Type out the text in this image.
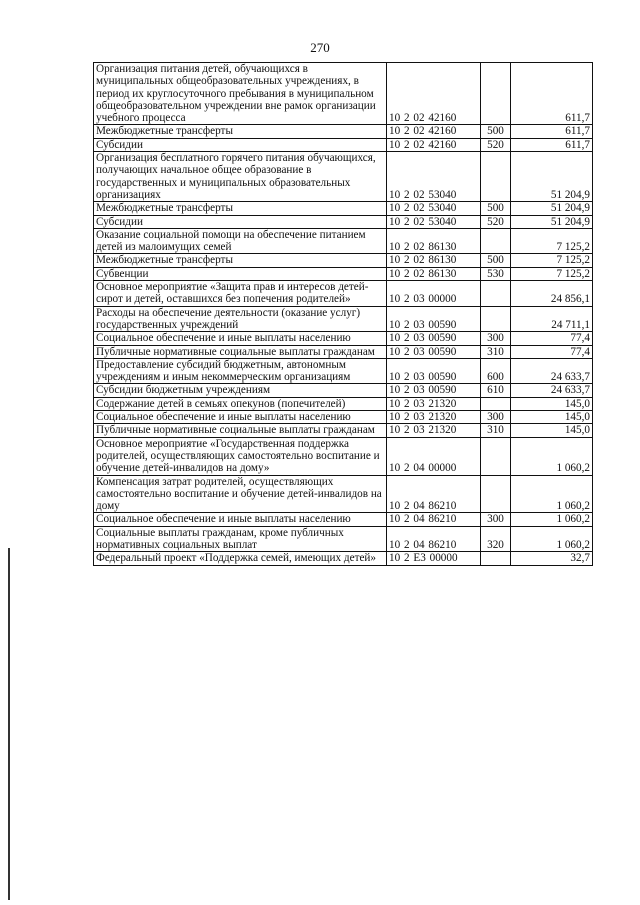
270
Организация питания детей, обучающихся в муниципальных общеобразовательных учреждениях, в период их круглосуточного пребывания в муниципальном общеобразовательном учреждении вне рамок организации учебного процесса	10 2 02 42160		611,7
Межбюджетные трансферты	10 2 02 42160	500	611,7
Субсидии	10 2 02 42160	520	611,7
Организация бесплатного горячего питания обучающихся, получающих начальное общее образование в государственных и муниципальных образовательных организациях	10 2 02 53040		51 204,9
Межбюджетные трансферты	10 2 02 53040	500	51 204,9
Субсидии	10 2 02 53040	520	51 204,9
Оказание социальной помощи на обеспечение питанием детей из малоимущих семей	10 2 02 86130		7 125,2
Межбюджетные трансферты	10 2 02 86130	500	7 125,2
Субвенции	10 2 02 86130	530	7 125,2
Основное мероприятие «Защита прав и интересов детей-сирот и детей, оставшихся без попечения родителей»	10 2 03 00000		24 856,1
Расходы на обеспечение деятельности (оказание услуг) государственных учреждений	10 2 03 00590		24 711,1
Социальное обеспечение и иные выплаты населению	10 2 03 00590	300	77,4
Публичные нормативные социальные выплаты гражданам	10 2 03 00590	310	77,4
Предоставление субсидий бюджетным, автономным учреждениям и иным некоммерческим организациям	10 2 03 00590	600	24 633,7
Субсидии бюджетным учреждениям	10 2 03 00590	610	24 633,7
Содержание детей в семьях опекунов (попечителей)	10 2 03 21320		145,0
Социальное обеспечение и иные выплаты населению	10 2 03 21320	300	145,0
Публичные нормативные социальные выплаты гражданам	10 2 03 21320	310	145,0
Основное мероприятие «Государственная поддержка родителей, осуществляющих самостоятельно воспитание и обучение детей-инвалидов на дому»	10 2 04 00000		1 060,2
Компенсация затрат родителей, осуществляющих самостоятельно воспитание и обучение детей-инвалидов на дому	10 2 04 86210		1 060,2
Социальное обеспечение и иные выплаты населению	10 2 04 86210	300	1 060,2
Социальные выплаты гражданам, кроме публичных нормативных социальных выплат	10 2 04 86210	320	1 060,2
Федеральный проект «Поддержка семей, имеющих детей»	10 2 E3 00000		32,7
